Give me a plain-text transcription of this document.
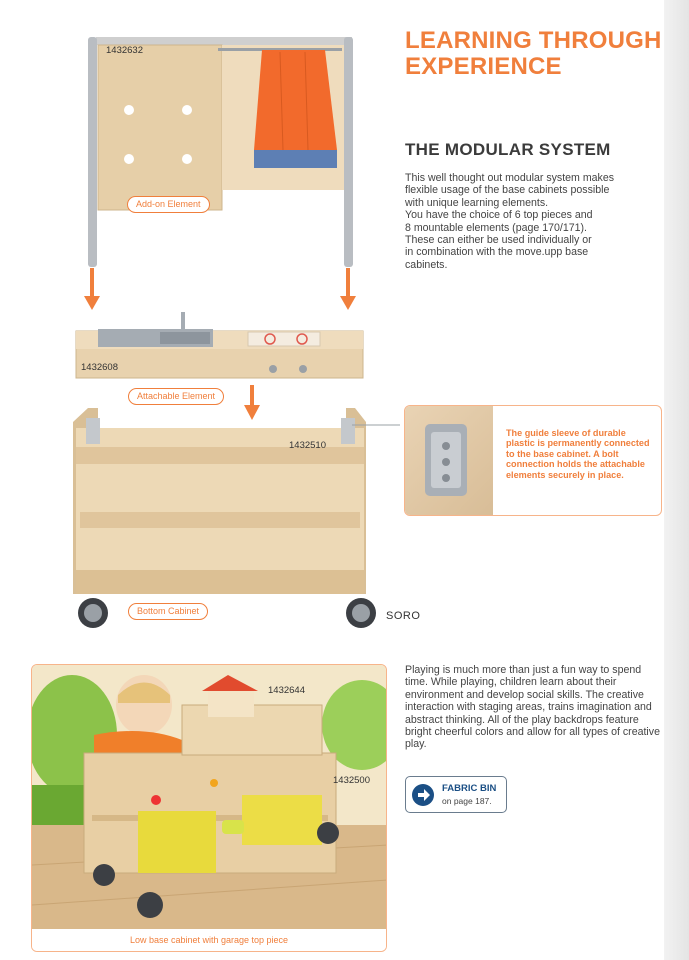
LEARNING THROUGH
EXPERIENCE
THE MODULAR SYSTEM

This well thought out modular system makes

flexible usage of the base cabinets possible

with unique learning elements.

You have the choice of 6 top pieces and

8 mountable elements (page 170/171).

These can either be used individually or

in combination with the move.upp base

cabinets.

1432632
Add-on Element
1432608
Attachable Element
1432510
Bottom Cabinet	SORO
The guide sleeve of durable plastic is permanently connected to the base cabinet. A bolt connection holds the attachable elements securely in place.
Low base cabinet with garage top piece
1432644
1432500
Playing is much more than just a fun way to spend time. While playing, children learn about their environment and develop social skills. The creative interaction with staging areas, trains imagination and abstract thinking. All of the play backdrops feature bright cheerful colors and allow for all types of creative play.
FABRIC BIN
on page 187.
